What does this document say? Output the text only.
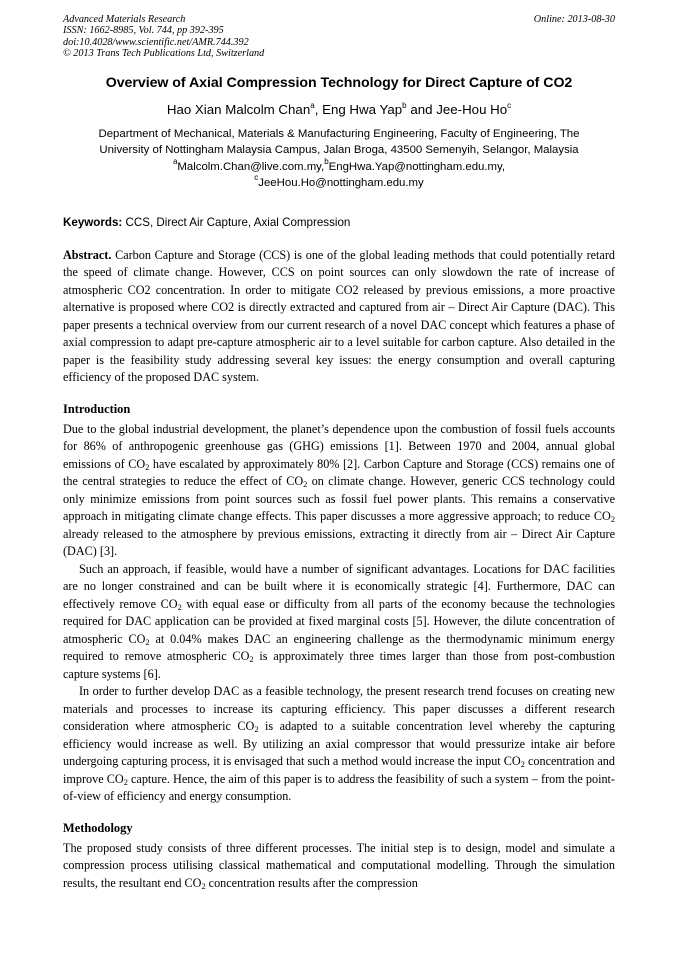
Advanced Materials Research
ISSN: 1662-8985, Vol. 744, pp 392-395
doi:10.4028/www.scientific.net/AMR.744.392
© 2013 Trans Tech Publications Ltd, Switzerland
Online: 2013-08-30
Overview of Axial Compression Technology for Direct Capture of CO2
Hao Xian Malcolm Chan$^a$, Eng Hwa Yap$^b$ and Jee-Hou Ho$^c$
Department of Mechanical, Materials & Manufacturing Engineering, Faculty of Engineering, The
University of Nottingham Malaysia Campus, Jalan Broga, 43500 Semenyih, Selangor, Malaysia
$^a$Malcolm.Chan@live.com.my,$^b$EngHwa.Yap@nottingham.edu.my,
$^c$JeeHou.Ho@nottingham.edu.my
Keywords: CCS, Direct Air Capture, Axial Compression
Abstract. Carbon Capture and Storage (CCS) is one of the global leading methods that could potentially retard the speed of climate change. However, CCS on point sources can only slowdown the rate of increase of atmospheric CO2 concentration. In order to mitigate CO2 released by previous emissions, a more proactive alternative is proposed where CO2 is directly extracted and captured from air – Direct Air Capture (DAC). This paper presents a technical overview from our current research of a novel DAC concept which features a phase of axial compression to adapt pre-capture atmospheric air to a level suitable for carbon capture. Also detailed in the paper is the feasibility study addressing several key issues: the energy consumption and overall capturing efficiency of the proposed DAC system.
Introduction
Due to the global industrial development, the planet’s dependence upon the combustion of fossil fuels accounts for 86% of anthropogenic greenhouse gas (GHG) emissions [1]. Between 1970 and 2004, annual global emissions of $CO_2$ have escalated by approximately 80% [2]. Carbon Capture and Storage (CCS) remains one of the central strategies to reduce the effect of $CO_2$ on climate change. However, generic CCS technology could only minimize emissions from point sources such as fossil fuel power plants. This remains a conservative approach in mitigating climate change effects. This paper discusses a more aggressive approach; to reduce $CO_2$ already released to the atmosphere by previous emissions, extracting it directly from air – Direct Air Capture (DAC) [3].
Such an approach, if feasible, would have a number of significant advantages. Locations for DAC facilities are no longer constrained and can be built where it is economically strategic [4]. Furthermore, DAC can effectively remove $CO_2$ with equal ease or difficulty from all parts of the economy because the technologies required for DAC application can be provided at fixed marginal costs [5]. However, the dilute concentration of atmospheric $CO_2$ at 0.04% makes DAC an engineering challenge as the thermodynamic minimum energy required to remove atmospheric $CO_2$ is approximately three times larger than those from post-combustion capture systems [6].
In order to further develop DAC as a feasible technology, the present research trend focuses on creating new materials and processes to increase its capturing efficiency. This paper discusses a different research consideration where atmospheric $CO_2$ is adapted to a suitable concentration level whereby the capturing efficiency would increase as well. By utilizing an axial compressor that would pressurize intake air before undergoing capturing process, it is envisaged that such a method would increase the input $CO_2$ concentration and improve $CO_2$ capture. Hence, the aim of this paper is to address the feasibility of such a system – from the point-of-view of efficiency and energy consumption.
Methodology
The proposed study consists of three different processes. The initial step is to design, model and simulate a compression process utilising classical mathematical and computational modelling. Through the simulation results, the resultant end $CO_2$ concentration results after the compression
